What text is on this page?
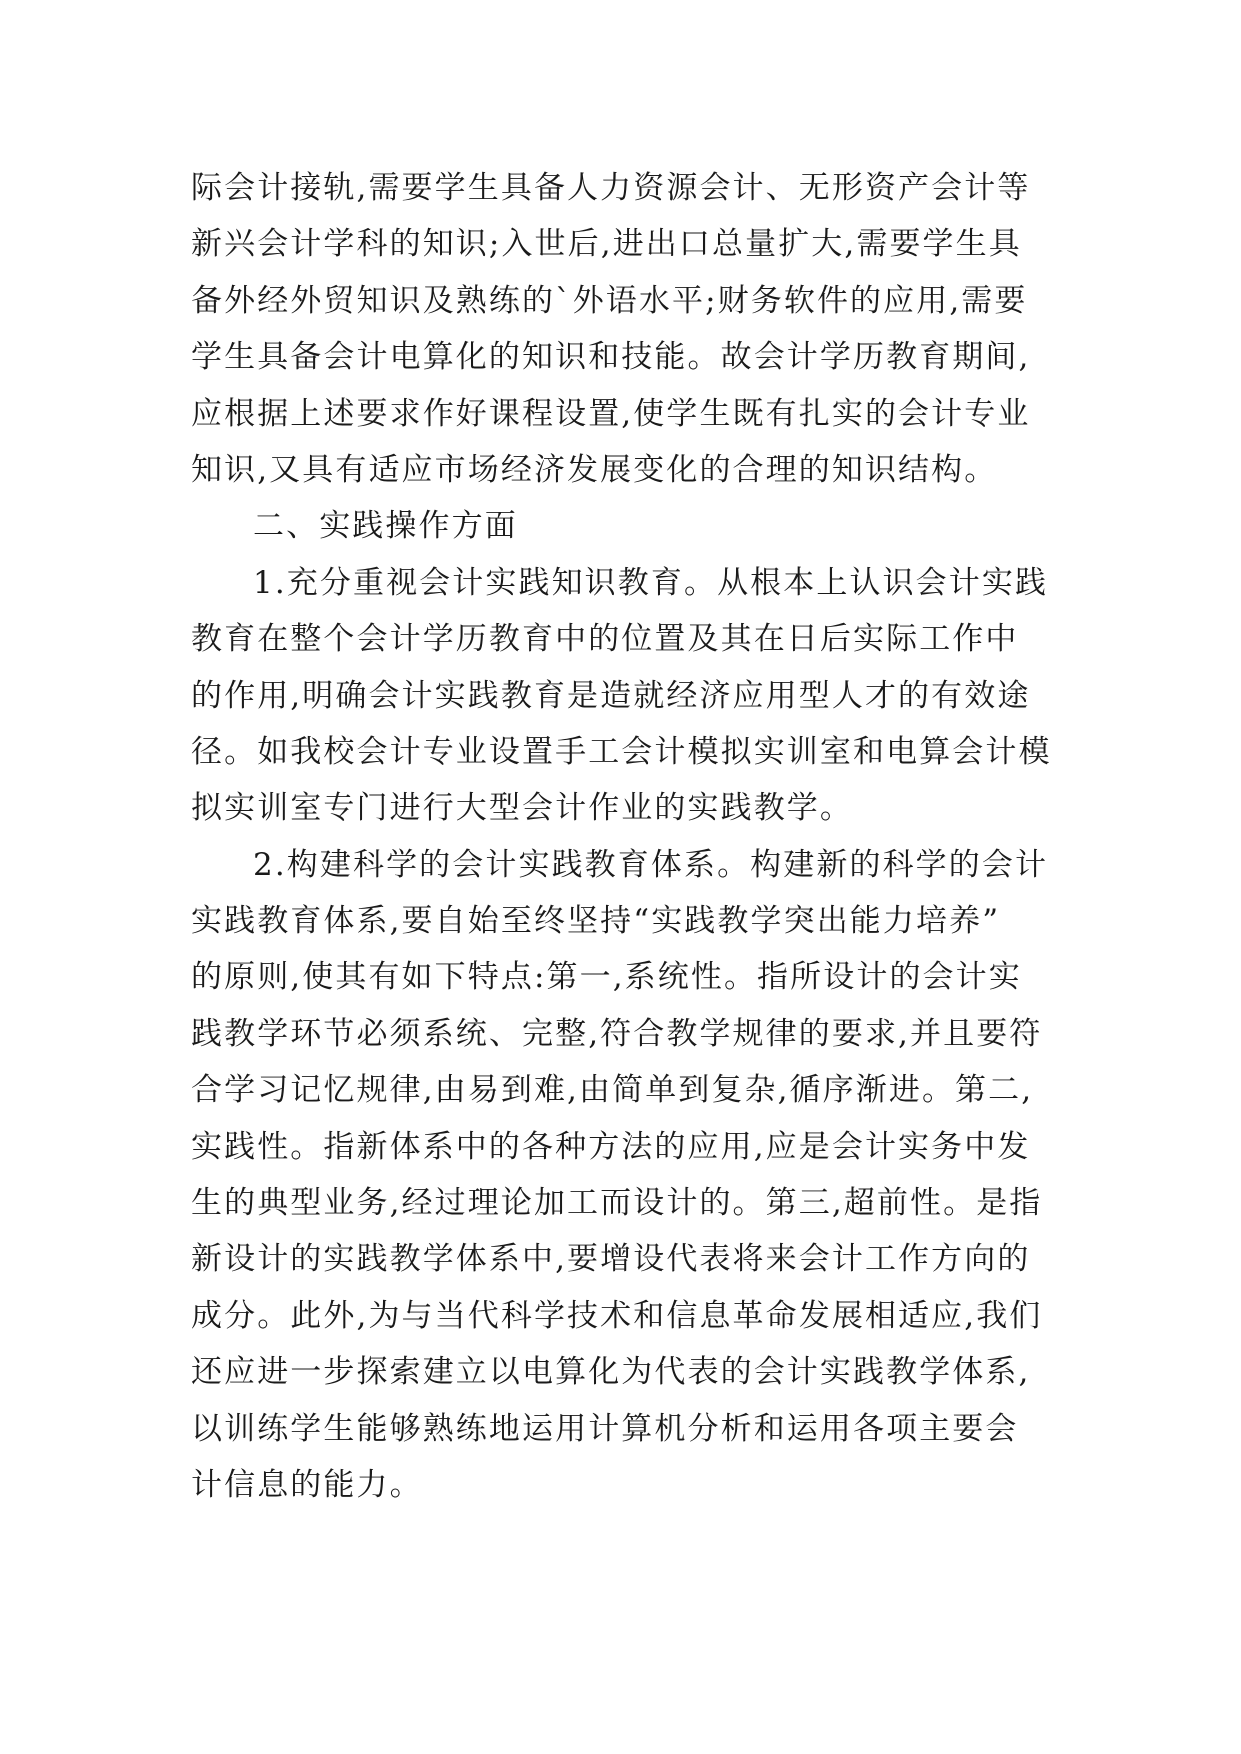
际会计接轨,需要学生具备人力资源会计、无形资产会计等
新兴会计学科的知识;入世后,进出口总量扩大,需要学生具
备外经外贸知识及熟练的`外语水平;财务软件的应用,需要
学生具备会计电算化的知识和技能。故会计学历教育期间,
应根据上述要求作好课程设置,使学生既有扎实的会计专业
知识,又具有适应市场经济发展变化的合理的知识结构。
二、实践操作方面
1.充分重视会计实践知识教育。从根本上认识会计实践
教育在整个会计学历教育中的位置及其在日后实际工作中
的作用,明确会计实践教育是造就经济应用型人才的有效途
径。如我校会计专业设置手工会计模拟实训室和电算会计模
拟实训室专门进行大型会计作业的实践教学。
2.构建科学的会计实践教育体系。构建新的科学的会计
实践教育体系,要自始至终坚持“实践教学突出能力培养”
的原则,使其有如下特点:第一,系统性。指所设计的会计实
践教学环节必须系统、完整,符合教学规律的要求,并且要符
合学习记忆规律,由易到难,由简单到复杂,循序渐进。第二,
实践性。指新体系中的各种方法的应用,应是会计实务中发
生的典型业务,经过理论加工而设计的。第三,超前性。是指
新设计的实践教学体系中,要增设代表将来会计工作方向的
成分。此外,为与当代科学技术和信息革命发展相适应,我们
还应进一步探索建立以电算化为代表的会计实践教学体系,
以训练学生能够熟练地运用计算机分析和运用各项主要会
计信息的能力。
